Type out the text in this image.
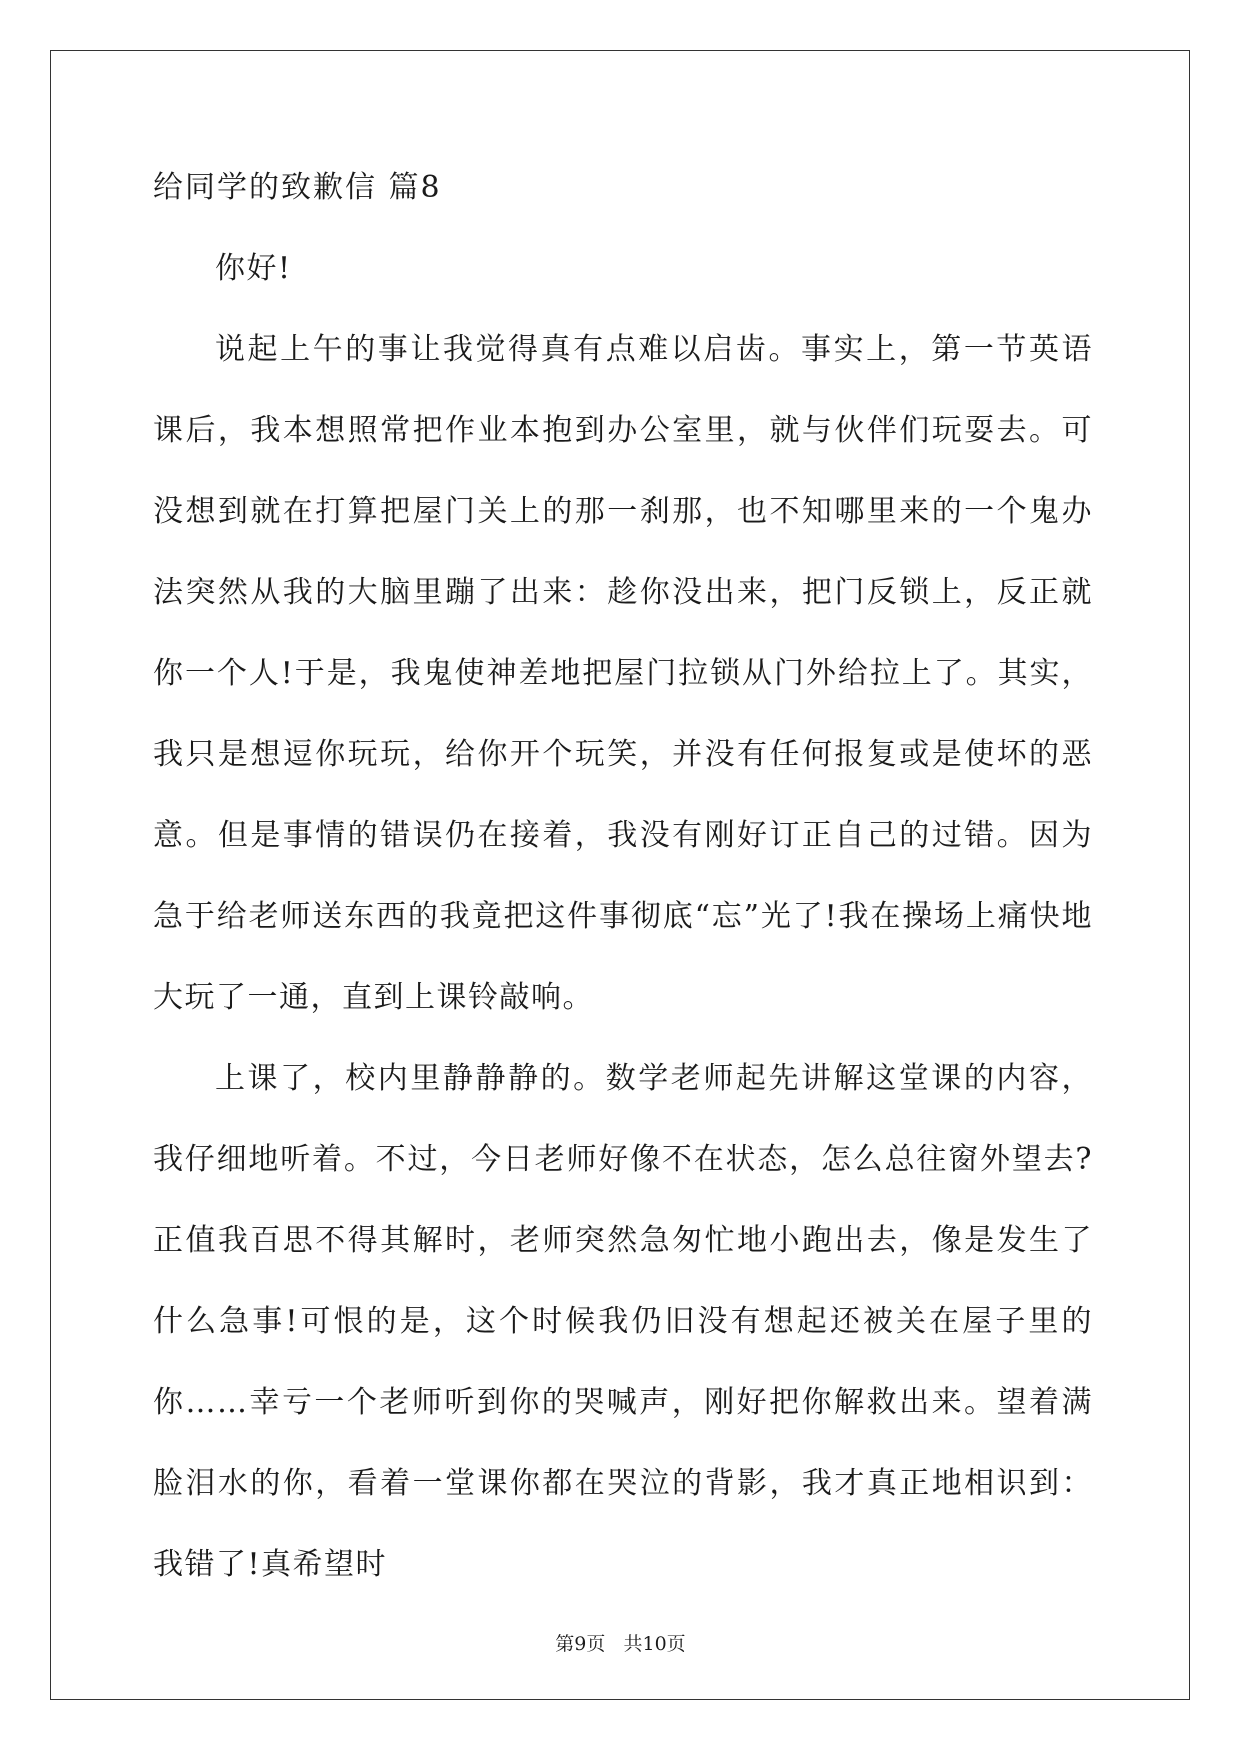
给同学的致歉信 篇8

你好!

说起上午的事让我觉得真有点难以启齿。事实上，第一节英语课后，我本想照常把作业本抱到办公室里，就与伙伴们玩耍去。可没想到就在打算把屋门关上的那一刹那，也不知哪里来的一个鬼办法突然从我的大脑里蹦了出来：趁你没出来，把门反锁上，反正就你一个人!于是，我鬼使神差地把屋门拉锁从门外给拉上了。其实，我只是想逗你玩玩，给你开个玩笑，并没有任何报复或是使坏的恶意。但是事情的错误仍在接着，我没有刚好订正自己的过错。因为急于给老师送东西的我竟把这件事彻底“忘”光了!我在操场上痛快地大玩了一通，直到上课铃敲响。

上课了，校内里静静静的。数学老师起先讲解这堂课的内容，我仔细地听着。不过，今日老师好像不在状态，怎么总往窗外望去?正值我百思不得其解时，老师突然急匆忙地小跑出去，像是发生了什么急事!可恨的是，这个时候我仍旧没有想起还被关在屋子里的你……幸亏一个老师听到你的哭喊声，刚好把你解救出来。望着满脸泪水的你，看着一堂课你都在哭泣的背影，我才真正地相识到：我错了!真希望时

第9页   共10页
